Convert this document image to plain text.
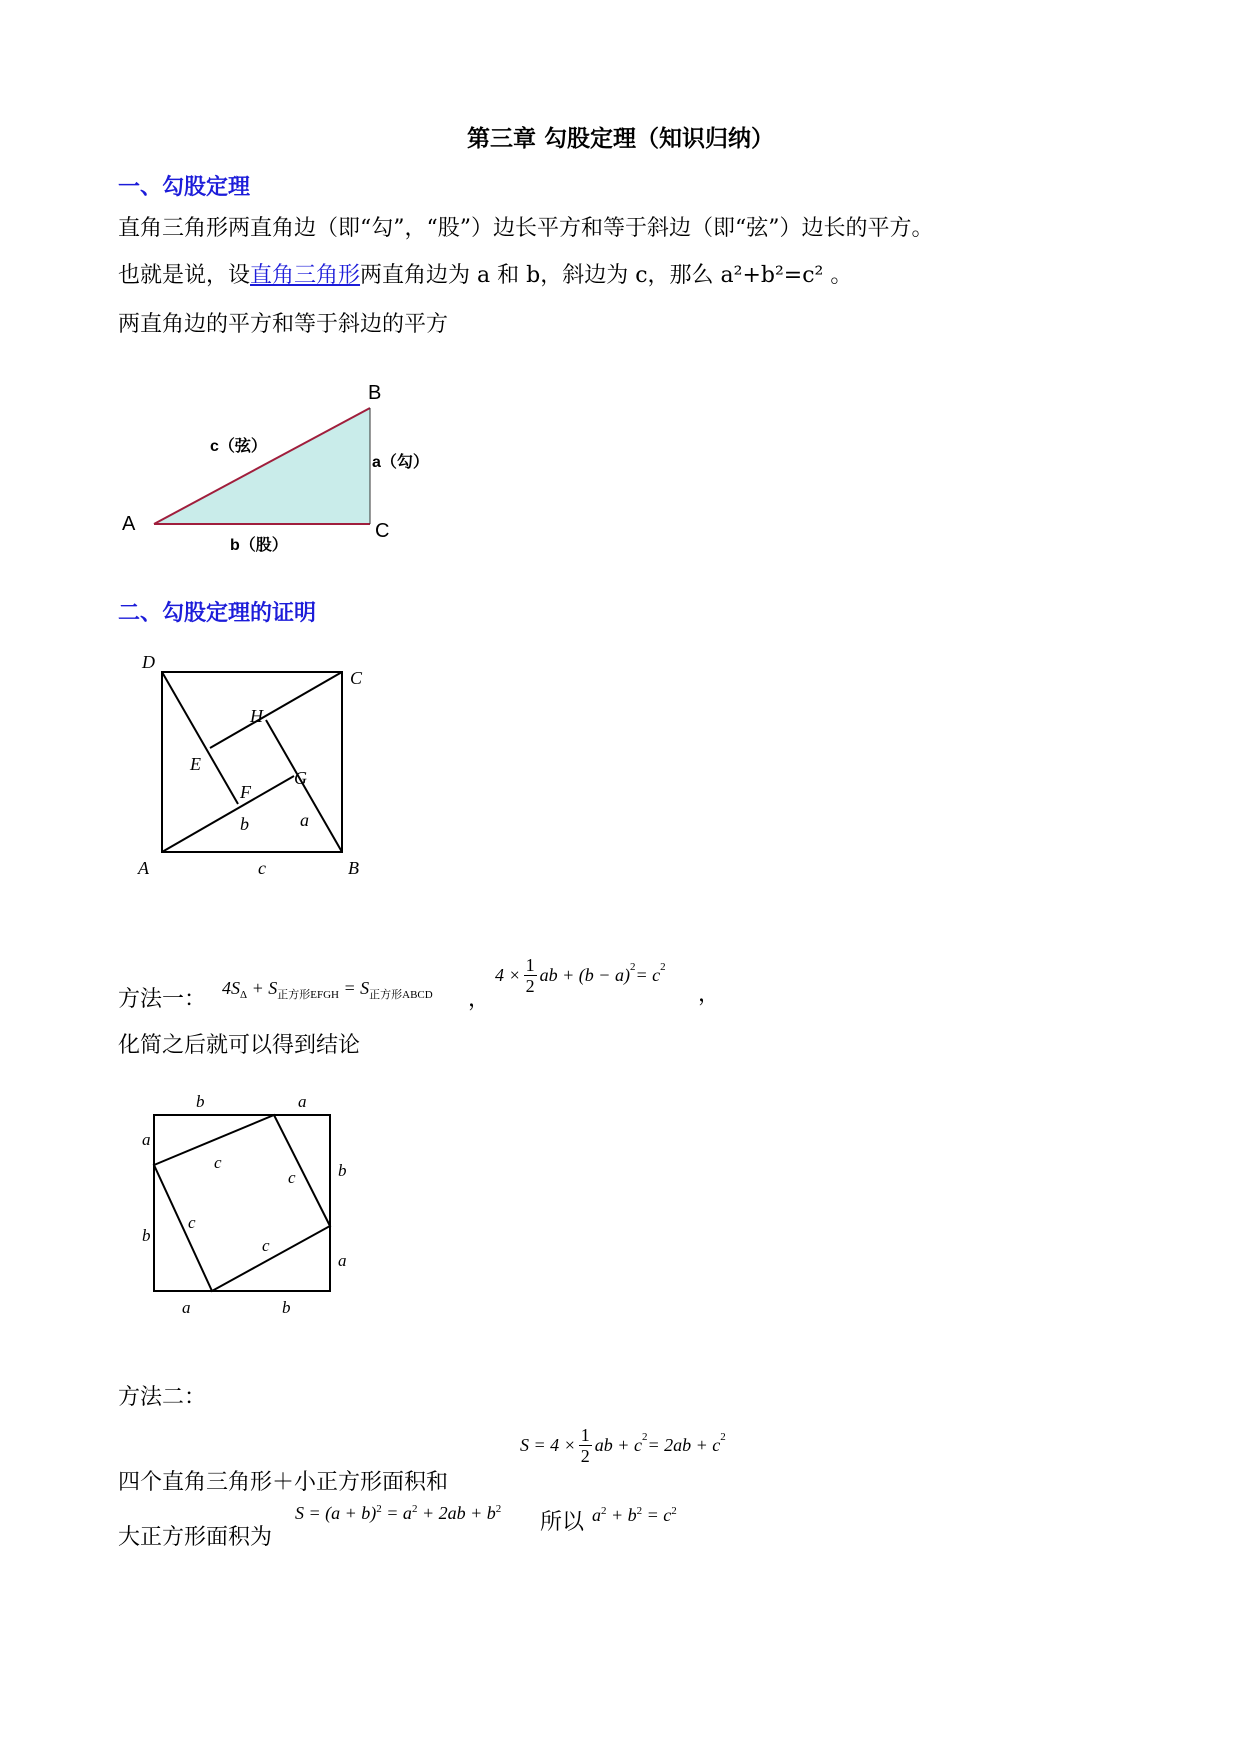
第三章 勾股定理（知识归纳）
一、勾股定理
直角三角形两直角边（即“勾”，“股”）边长平方和等于斜边（即“弦”）边长的平方。
也就是说，设直角三角形两直角边为 a 和 b，斜边为 c，那么 a²+b²=c² 。
两直角边的平方和等于斜边的平方
A
B
C
c（弦）
a（勾）
b（股）
二、勾股定理的证明
D
C
H
E
G
F
b	a
A	c	B
方法一： $4S_\Delta + S_{正方形EFGH} = S_{正方形ABCD}$ ，
$4 \times \frac{1}{2}$ ab + $(b - a)^2 = c^2$
，
化简之后就可以得到结论
b	a
a
b
b
a
a	b
c
c
c
c
方法二：
四个直角三角形＋小正方形面积和
$S = 4 \times \frac{1}{2}$ ab + $c^2 = 2ab + c^2$
大正方形面积为
$S = (a + b)^2 = a^2 + 2ab + b^2$
所以 $a^2 + b^2 = c^2$
